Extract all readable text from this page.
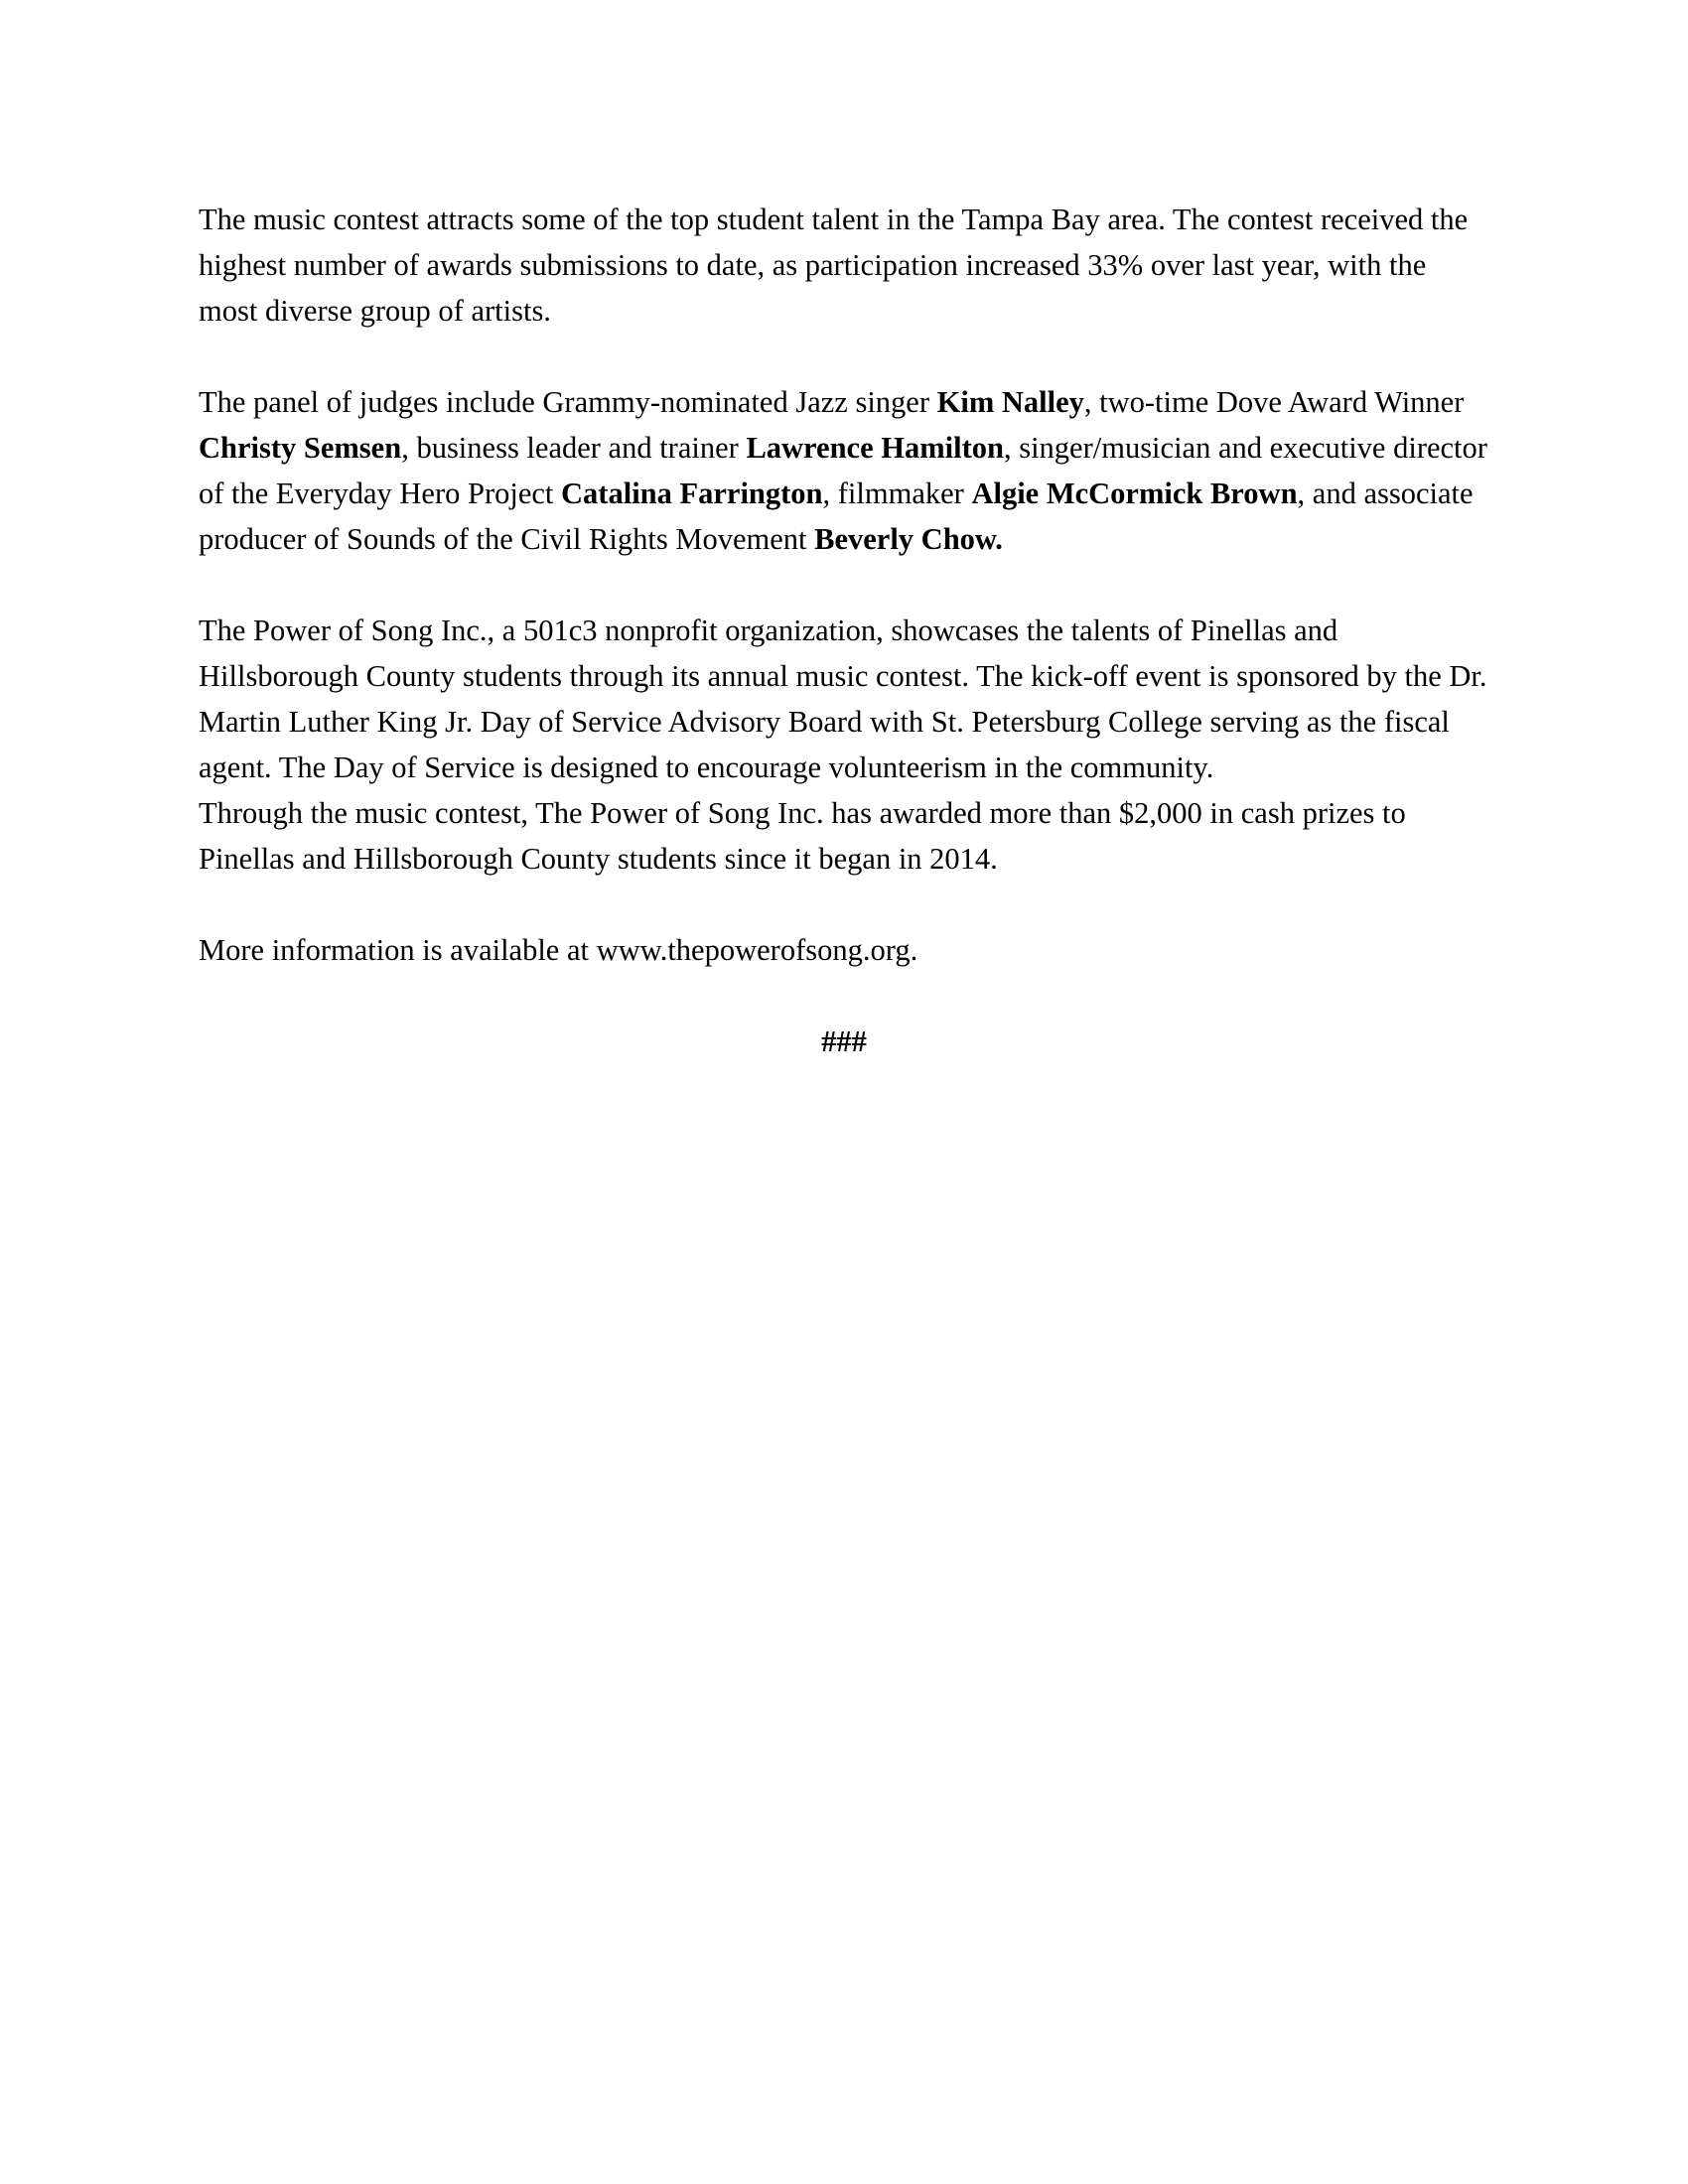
The music contest attracts some of the top student talent in the Tampa Bay area. The contest received the highest number of awards submissions to date, as participation increased 33% over last year, with the most diverse group of artists.

The panel of judges include Grammy-nominated Jazz singer Kim Nalley, two-time Dove Award Winner Christy Semsen, business leader and trainer Lawrence Hamilton, singer/musician and executive director of the Everyday Hero Project Catalina Farrington, filmmaker Algie McCormick Brown, and associate producer of Sounds of the Civil Rights Movement Beverly Chow.

The Power of Song Inc., a 501c3 nonprofit organization, showcases the talents of Pinellas and Hillsborough County students through its annual music contest. The kick-off event is sponsored by the Dr. Martin Luther King Jr. Day of Service Advisory Board with St. Petersburg College serving as the fiscal agent. The Day of Service is designed to encourage volunteerism in the community.

Through the music contest, The Power of Song Inc. has awarded more than $2,000 in cash prizes to Pinellas and Hillsborough County students since it began in 2014.

More information is available at www.thepowerofsong.org.

###
